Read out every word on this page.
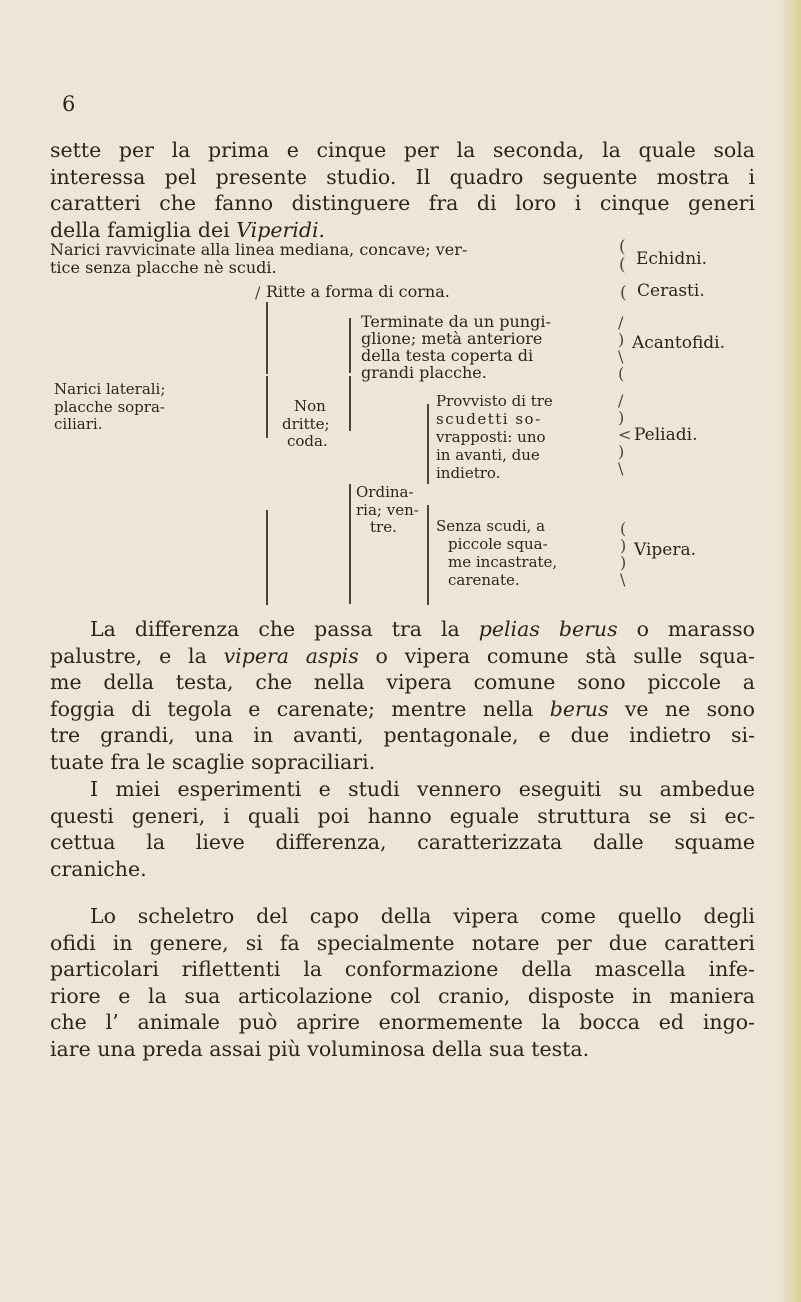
6
sette per la prima e cinque per la seconda, la quale sola
interessa pel presente studio. Il quadro seguente mostra i
caratteri che fanno distinguere fra di loro i cinque generi
della famiglia dei Viperidi.
Narici ravvicinate alla linea mediana, concave; ver-
tice senza placche nè scudi.
(
( Echidni.
/ Ritte a forma di corna.	( Cerasti.
Narici laterali;
placche sopra-
ciliari.
Non
dritte;
coda.
Terminate da un pungi-
glione; metà anteriore
della testa coperta di
grandi placche.
/
)
\
(
Acantofidi.
Ordina-
ria; ven-
tre.
Provvisto di tre
scudetti so-
vrapposti: uno
in avanti, due
indietro.
/
)
<
)
\
Peliadi.
Senza scudi, a
piccole squa-
me incastrate,
carenate.
(
)
)
\
Vipera.
La differenza che passa tra la pelias berus o marasso
palustre, e la vipera aspis o vipera comune stà sulle squa-
me della testa, che nella vipera comune sono piccole a
foggia di tegola e carenate; mentre nella berus ve ne sono
tre grandi, una in avanti, pentagonale, e due indietro si-
tuate fra le scaglie sopraciliari.
I miei esperimenti e studi vennero eseguiti su ambedue
questi generi, i quali poi hanno eguale struttura se si ec-
cettua la lieve differenza, caratterizzata dalle squame
craniche.
Lo scheletro del capo della vipera come quello degli
ofidi in genere, si fa specialmente notare per due caratteri
particolari riflettenti la conformazione della mascella infe-
riore e la sua articolazione col cranio, disposte in maniera
che l’ animale può aprire enormemente la bocca ed ingo-
iare una preda assai più voluminosa della sua testa.
